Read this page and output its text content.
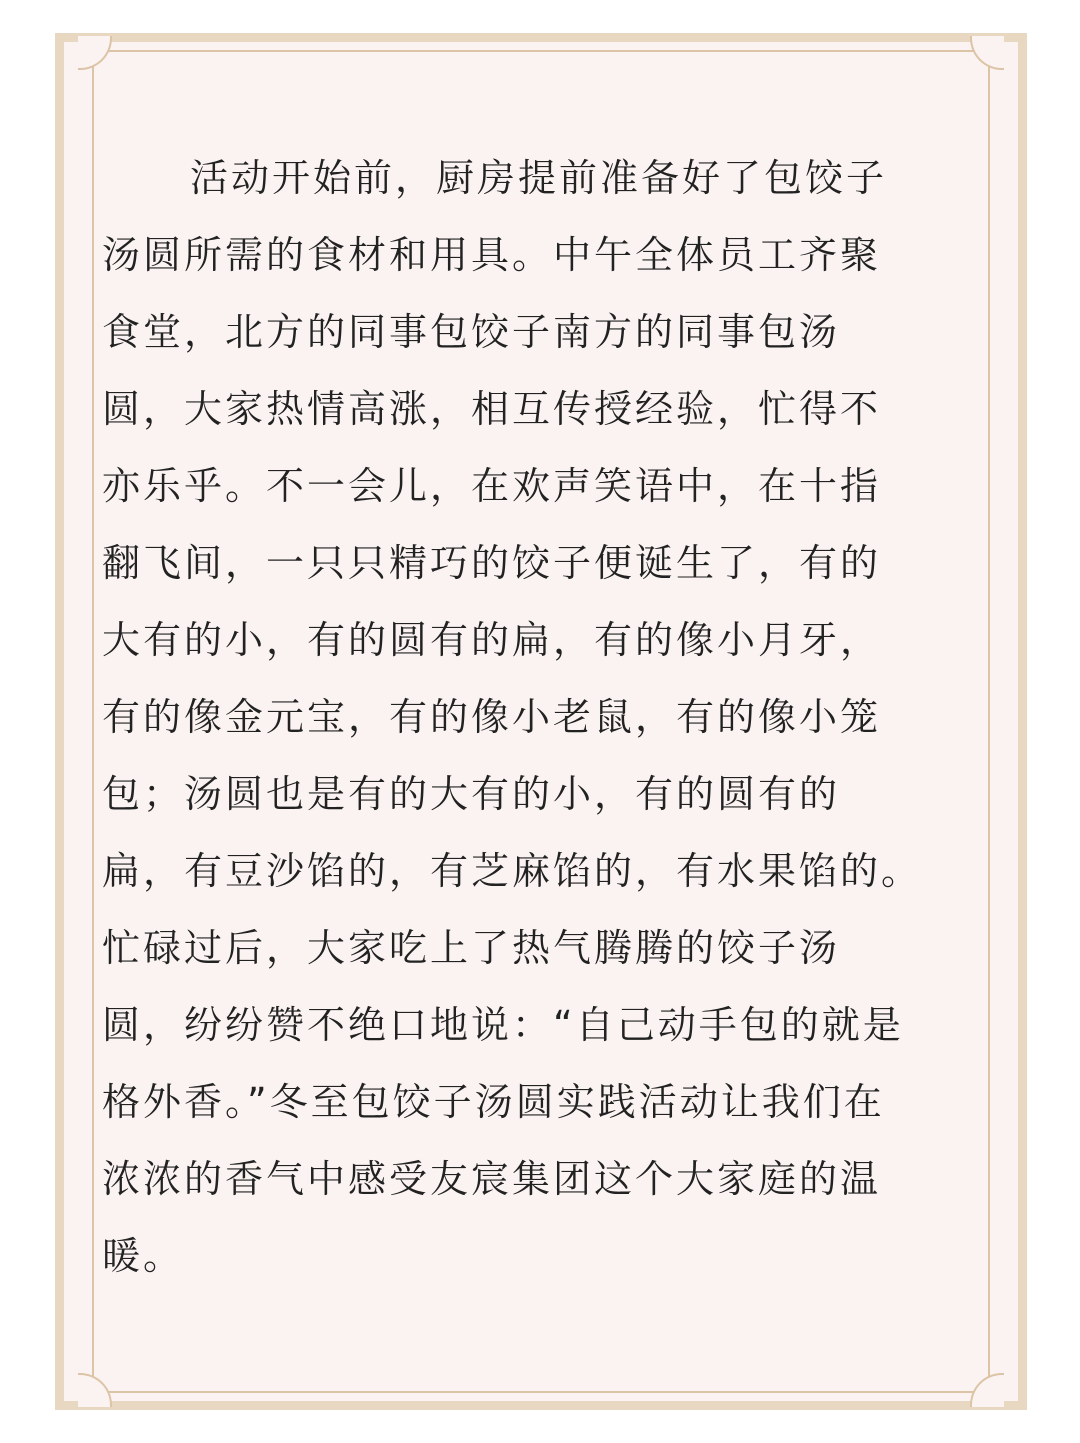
活动开始前，厨房提前准备好了包饺子
汤圆所需的食材和用具。中午全体员工齐聚
食堂，北方的同事包饺子南方的同事包汤
圆，大家热情高涨，相互传授经验，忙得不
亦乐乎。不一会儿，在欢声笑语中，在十指
翻飞间，一只只精巧的饺子便诞生了，有的
大有的小，有的圆有的扁，有的像小月牙，
有的像金元宝，有的像小老鼠，有的像小笼
包；汤圆也是有的大有的小，有的圆有的
扁，有豆沙馅的，有芝麻馅的，有水果馅的。
忙碌过后，大家吃上了热气腾腾的饺子汤
圆，纷纷赞不绝口地说：“自己动手包的就是
格外香。”冬至包饺子汤圆实践活动让我们在
浓浓的香气中感受友宸集团这个大家庭的温
暖。
